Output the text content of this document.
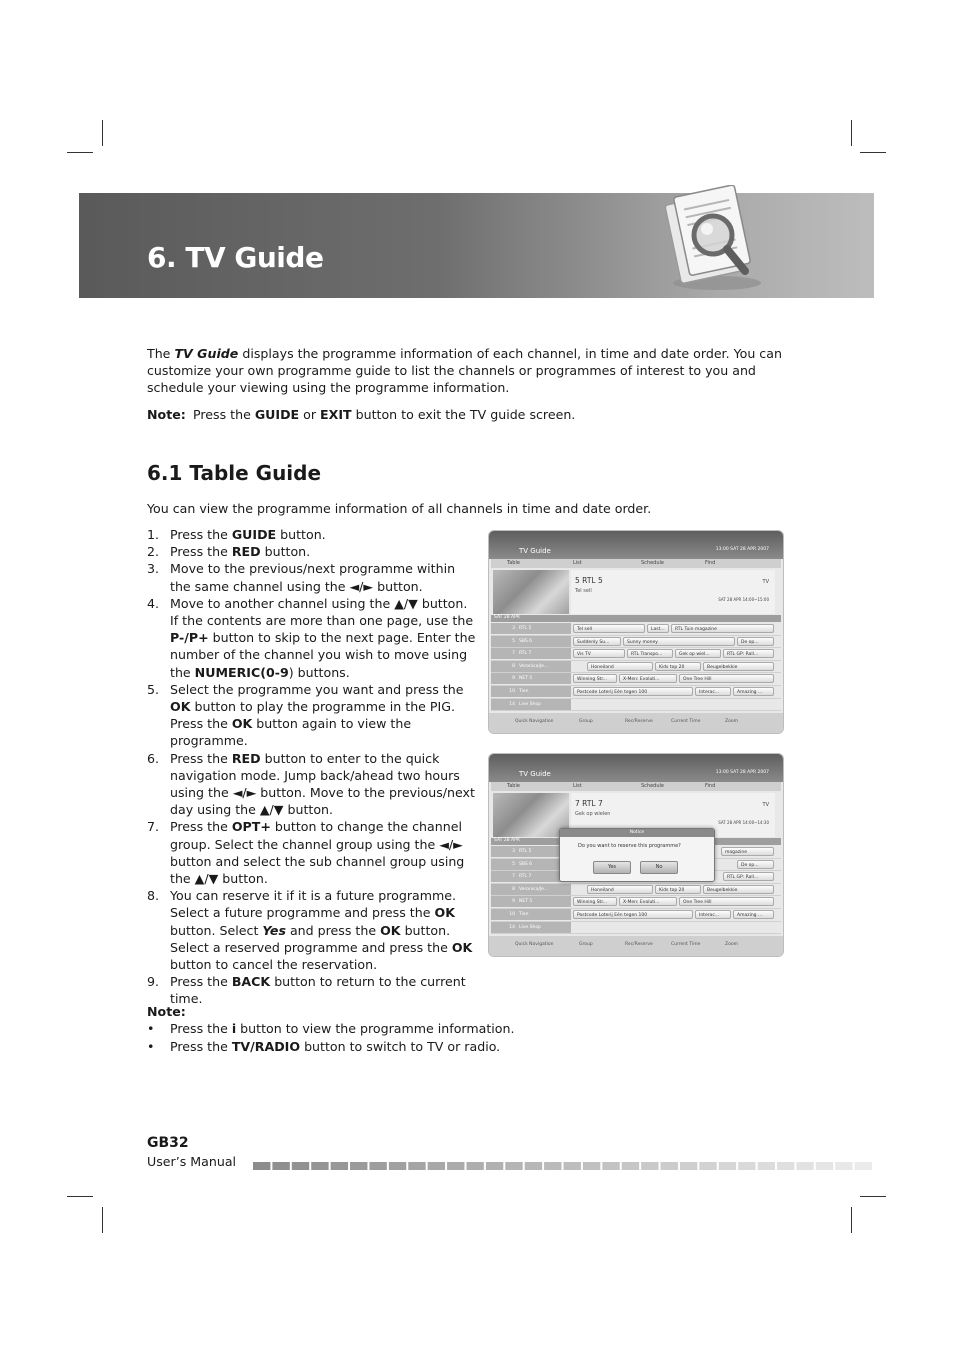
6. TV Guide
The TV Guide displays the programme information of each channel, in time and date order. You can customize your own programme guide to list the channels or programmes of interest to you and schedule your viewing using the programme information.
Note: Press the GUIDE or EXIT button to exit the TV guide screen.
6.1 Table Guide
You can view the programme information of all channels in time and date order.
1. Press the GUIDE button.
2. Press the RED button.
3. Move to the previous/next programme within the same channel using the ◄/► button.
4. Move to another channel using the ▲/▼ button. If the contents are more than one page, use the P-/P+ button to skip to the next page. Enter the number of the channel you wish to move using the NUMERIC(0-9) buttons.
5. Select the programme you want and press the OK button to play the programme in the PIG. Press the OK button again to view the programme.
6. Press the RED button to enter to the quick navigation mode. Jump back/ahead two hours using the ◄/► button. Move to the previous/next day using the ▲/▼ button.
7. Press the OPT+ button to change the channel group. Select the channel group using the ◄/► button and select the sub channel group using the ▲/▼ button.
8. You can reserve it if it is a future programme. Select a future programme and press the OK button. Select Yes and press the OK button. Select a reserved programme and press the OK button to cancel the reservation.
9. Press the BACK button to return to the current time.
Note:
• Press the i button to view the programme information.
• Press the TV/RADIO button to switch to TV or radio.
TV Guide	13:00 SAT 28 APR 2007
Table	List	Schedule	Find
5 RTL 5
Tel sell
TV
SAT 28 APR 14:00~15:00
SAT 28 APR
3 RTL 5	Tel sell	Last...	RTL Tuin magazine
5 SBS 6	Suddenly Su...	Sunny money	De op...
7 RTL 7	Vis TV	RTL Transpo...	Gek op wiel...	RTL GP: Rall...
8 Veronica/Je...	Honeiland	Kids top 20	Beugelbekkie
9 NET 5	Winning Str...	X-Men: Evoluti...	One Tree Hill
10 Tien	Postcode Loterij Eén tegen 100	Interac...	Amazing ...
14 Live Shop
Quick Navigation	Group	Rec/Reserve	Current Time	Zoom
TV Guide	13:00 SAT 28 APR 2007
Table	List	Schedule	Find
7 RTL 7
Gek op wielen
TV
SAT 28 APR 14:00~14:30
SAT 28 APR
3 RTL 5	magazine
5 SBS 6	De op...
7 RTL 7	RTL GP: Rall...
8 Veronica/Je...	Honeiland	Kids top 20	Beugelbekkie
9 NET 5	Winning Str...	X-Men: Evoluti...	One Tree Hill
10 Tien	Postcode Loterij Eén tegen 100	Interac...	Amazing ...
14 Live Shop
Quick Navigation	Group	Rec/Reserve	Current Time	Zoom
Notice
Do you want to reserve this programme?
Yes	No
GB32
User’s Manual
